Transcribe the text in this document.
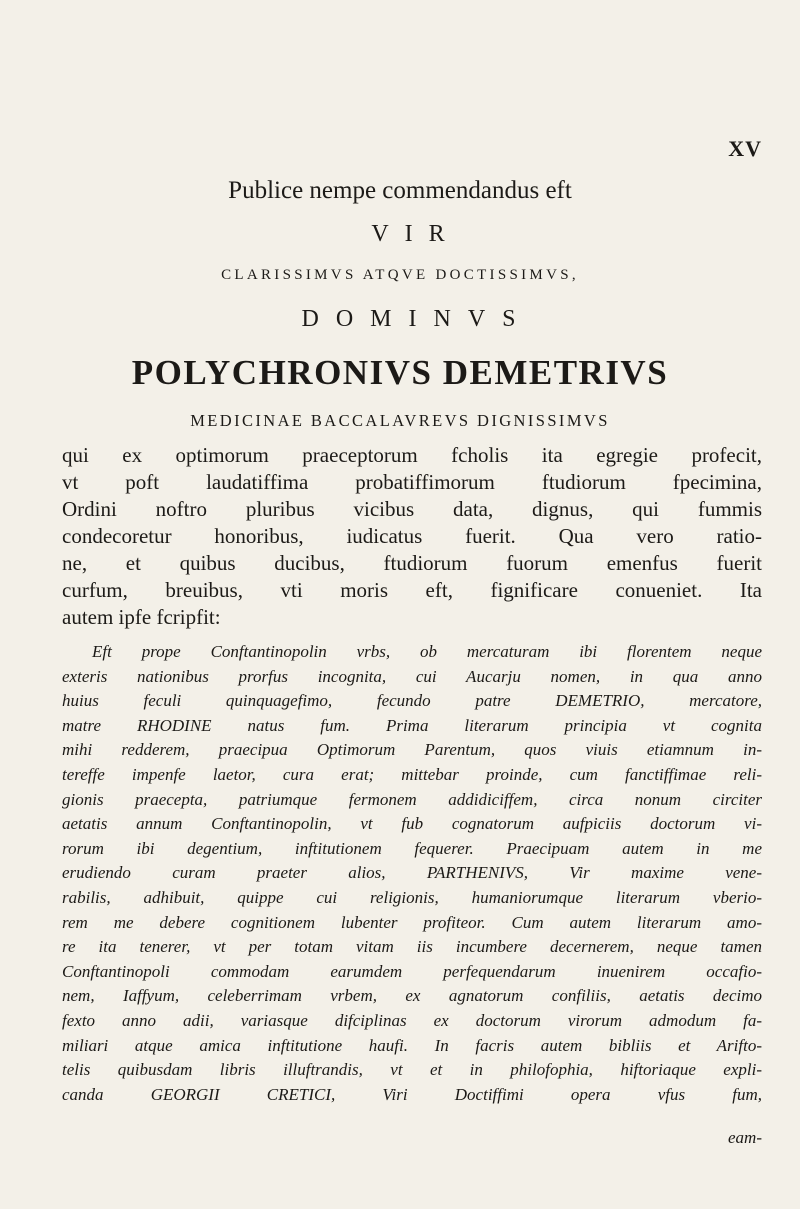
XV
Publice nempe commendandus eft
VIR
CLARISSIMVS ATQVE DOCTISSIMVS,
DOMINVS
POLYCHRONIVS DEMETRIVS
MEDICINAE BACCALAVREVS DIGNISSIMVS
qui ex optimorum praeceptorum fcholis ita egregie profecit,
vt poft laudatiffima probatiffimorum ftudiorum fpecimina,
Ordini noftro pluribus vicibus data, dignus, qui fummis
condecoretur honoribus, iudicatus fuerit. Qua vero ratio-
ne, et quibus ducibus, ftudiorum fuorum emenfus fuerit
curfum, breuibus, vti moris eft, fignificare conueniet. Ita
autem ipfe fcripfit:
Eft prope Conftantinopolin vrbs, ob mercaturam ibi florentem neque
exteris nationibus prorfus incognita, cui Aucarju nomen, in qua anno
huius feculi quinquagefimo, fecundo patre DEMETRIO, mercatore,
matre RHODINE natus fum. Prima literarum principia vt cognita
mihi redderem, praecipua Optimorum Parentum, quos viuis etiamnum in-
tereffe impenfe laetor, cura erat; mittebar proinde, cum fanctiffimae reli-
gionis praecepta, patriumque fermonem addidiciffem, circa nonum circiter
aetatis annum Conftantinopolin, vt fub cognatorum aufpiciis doctorum vi-
rorum ibi degentium, inftitutionem fequerer. Praecipuam autem in me
erudiendo curam praeter alios, PARTHENIVS, Vir maxime vene-
rabilis, adhibuit, quippe cui religionis, humaniorumque literarum vberio-
rem me debere cognitionem lubenter profiteor. Cum autem literarum amo-
re ita tenerer, vt per totam vitam iis incumbere decernerem, neque tamen
Conftantinopoli commodam earumdem perfequendarum inuenirem occafio-
nem, Iaffyum, celeberrimam vrbem, ex agnatorum confiliis, aetatis decimo
fexto anno adii, variasque difciplinas ex doctorum virorum admodum fa-
miliari atque amica inftitutione haufi. In facris autem bibliis et Arifto-
telis quibusdam libris illuftrandis, vt et in philofophia, hiftoriaque expli-
canda GEORGII CRETICI, Viri Doctiffimi opera vfus fum,
eam-
